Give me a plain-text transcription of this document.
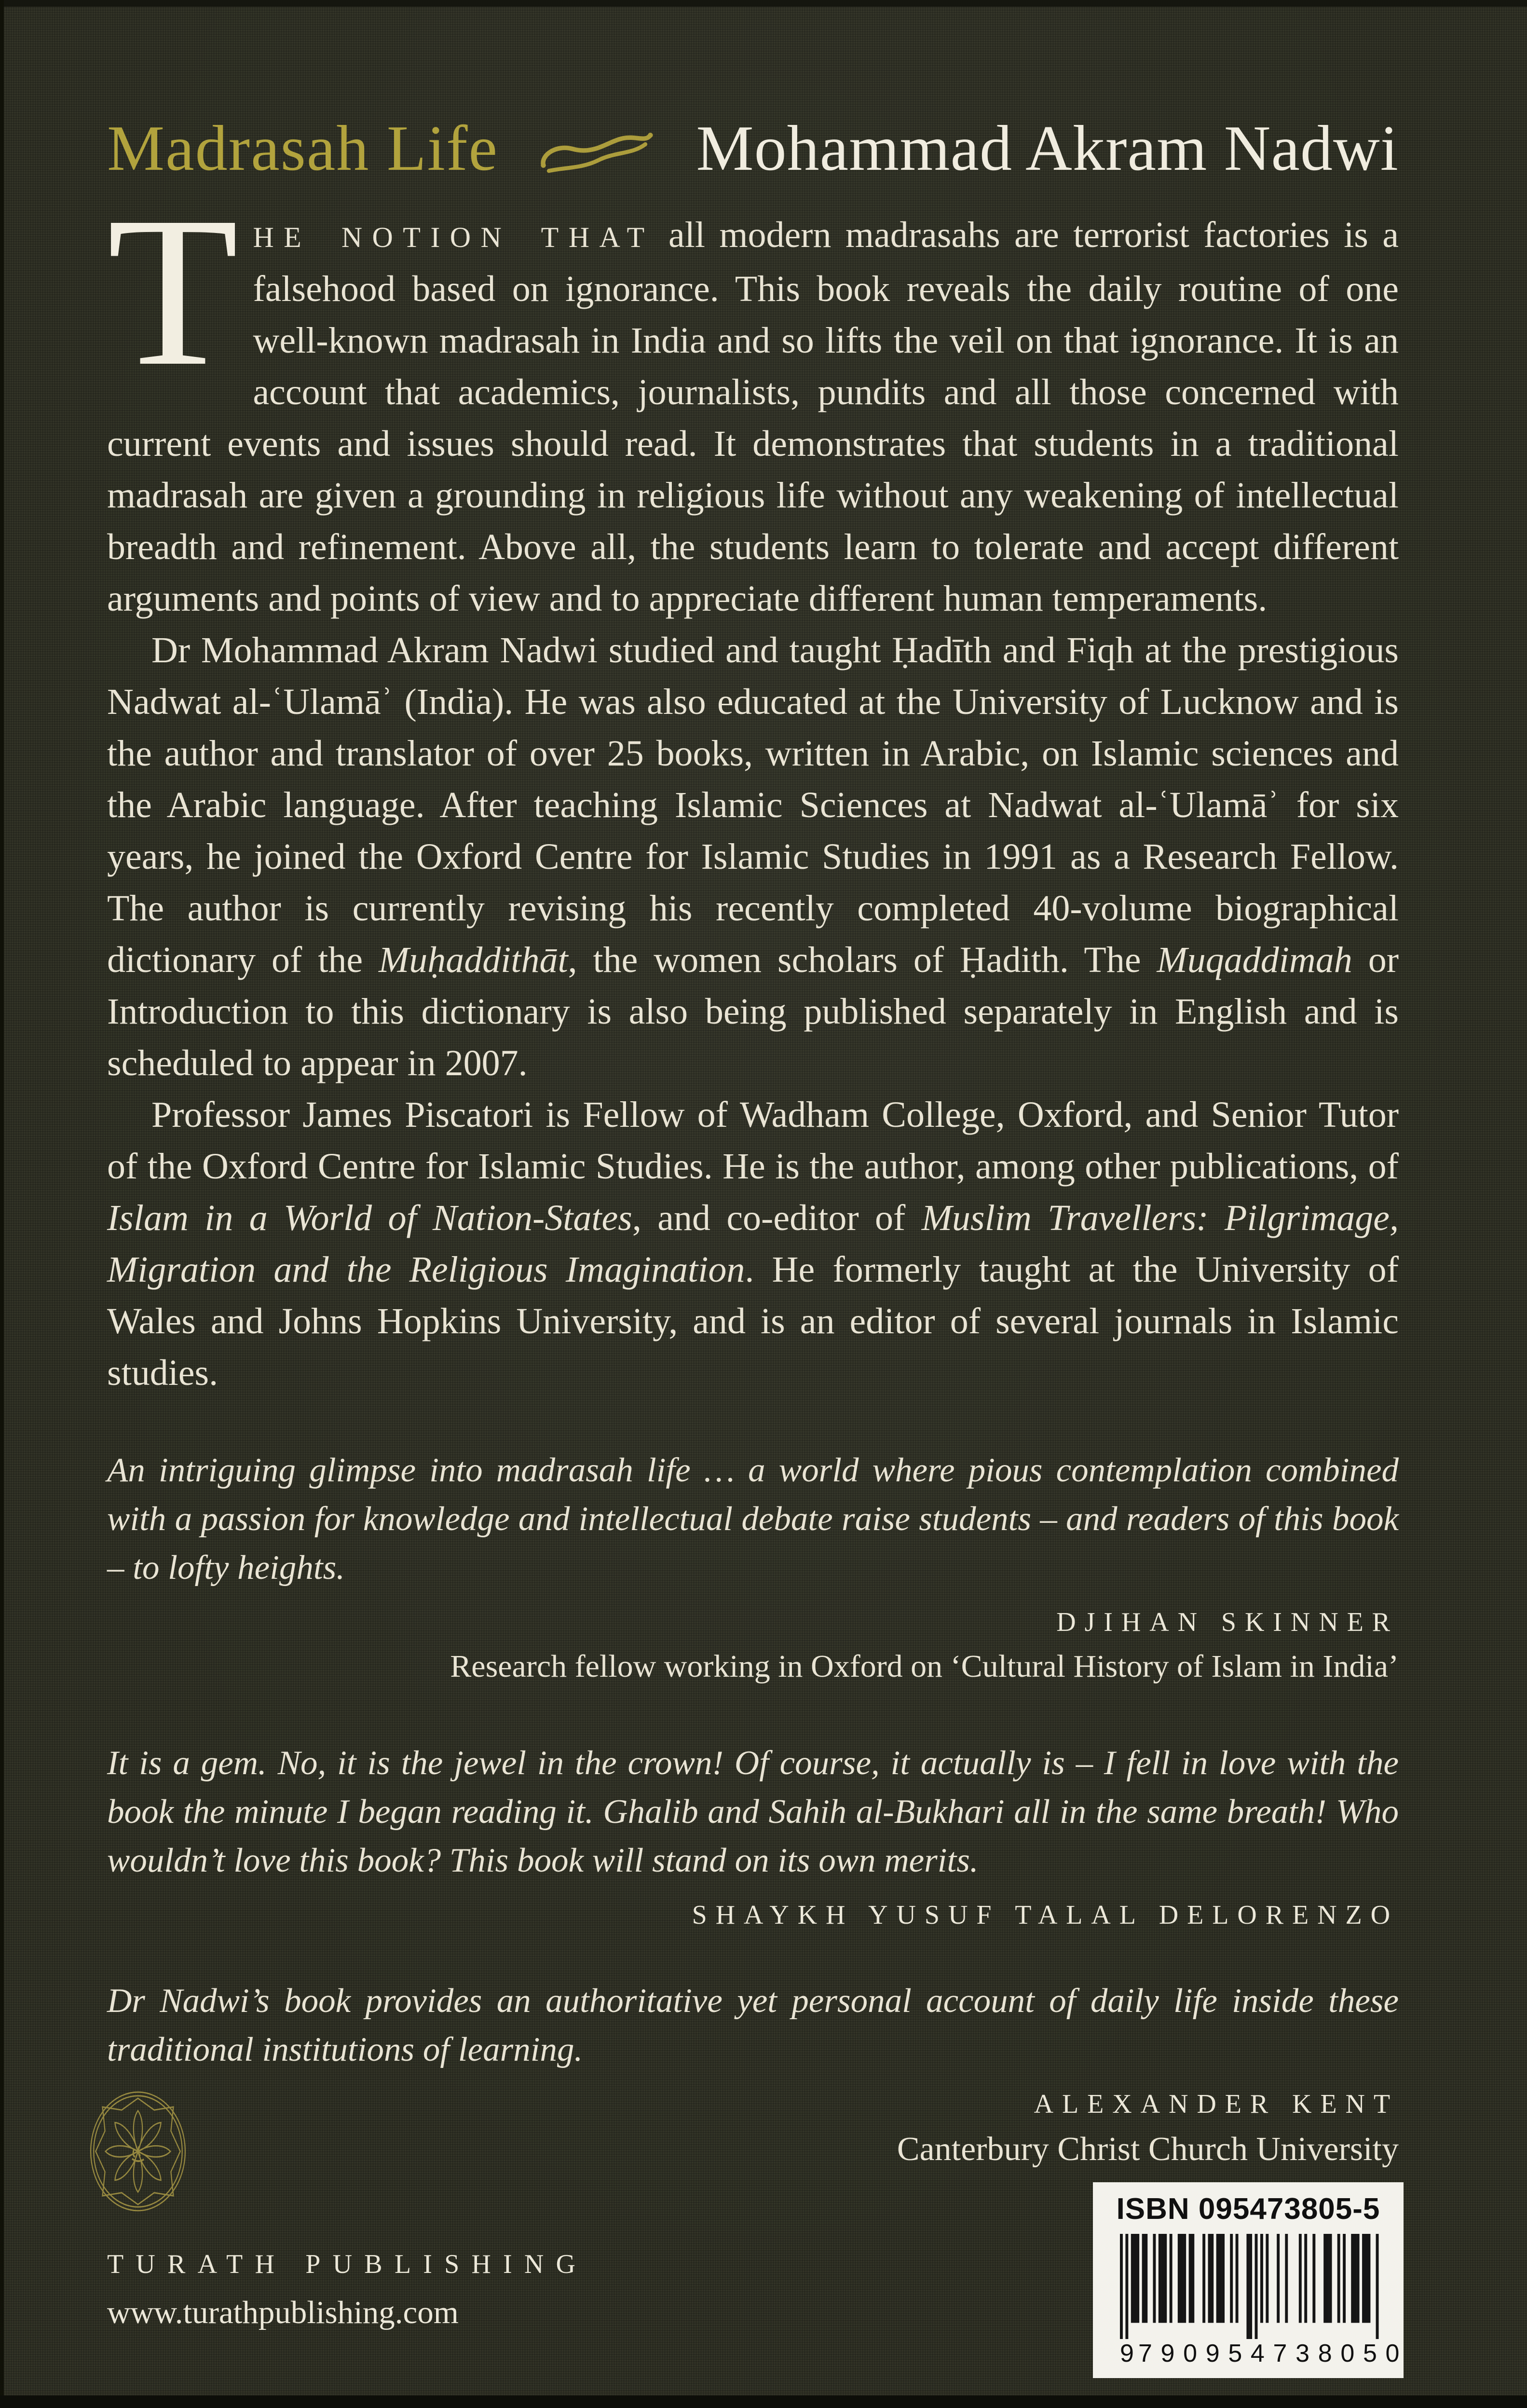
Madrasah Life	Mohammad Akram Nadwi

THE NOTION THAT all modern madrasahs are terrorist factories is a falsehood based on ignorance. This book reveals the daily routine of one well-known madrasah in India and so lifts the veil on that ignorance. It is an account that academics, journalists, pundits and all those concerned with current events and issues should read. It demonstrates that students in a traditional madrasah are given a grounding in religious life without any weakening of intellectual breadth and refinement. Above all, the students learn to tolerate and accept different arguments and points of view and to appreciate different human temperaments.

Dr Mohammad Akram Nadwi studied and taught Ḥadīth and Fiqh at the prestigious Nadwat al-ʿUlamāʾ (India). He was also educated at the University of Lucknow and is the author and translator of over 25 books, written in Arabic, on Islamic sciences and the Arabic language. After teaching Islamic Sciences at Nadwat al-ʿUlamāʾ for six years, he joined the Oxford Centre for Islamic Studies in 1991 as a Research Fellow. The author is currently revising his recently completed 40-volume biographical dictionary of the Muḥaddithāt, the women scholars of Ḥadith. The Muqaddimah or Introduction to this dictionary is also being published separately in English and is scheduled to appear in 2007.

Professor James Piscatori is Fellow of Wadham College, Oxford, and Senior Tutor of the Oxford Centre for Islamic Studies. He is the author, among other publications, of Islam in a World of Nation-States, and co-editor of Muslim Travellers: Pilgrimage, Migration and the Religious Imagination. He formerly taught at the University of Wales and Johns Hopkins University, and is an editor of several journals in Islamic studies.

An intriguing glimpse into madrasah life … a world where pious contemplation combined with a passion for knowledge and intellectual debate raise students – and readers of this book – to lofty heights.
DJIHAN SKINNER
Research fellow working in Oxford on ‘Cultural History of Islam in India’
It is a gem. No, it is the jewel in the crown! Of course, it actually is – I fell in love with the book the minute I began reading it. Ghalib and Sahih al-Bukhari all in the same breath! Who wouldn’t love this book? This book will stand on its own merits.
SHAYKH YUSUF TALAL DELORENZO
Dr Nadwi’s book provides an authoritative yet personal account of daily life inside these traditional institutions of learning.
ALEXANDER KENT
Canterbury Christ Church University
TURATH PUBLISHING
www.turathpublishing.com
ISBN 095473805-5
9 790954 738050
